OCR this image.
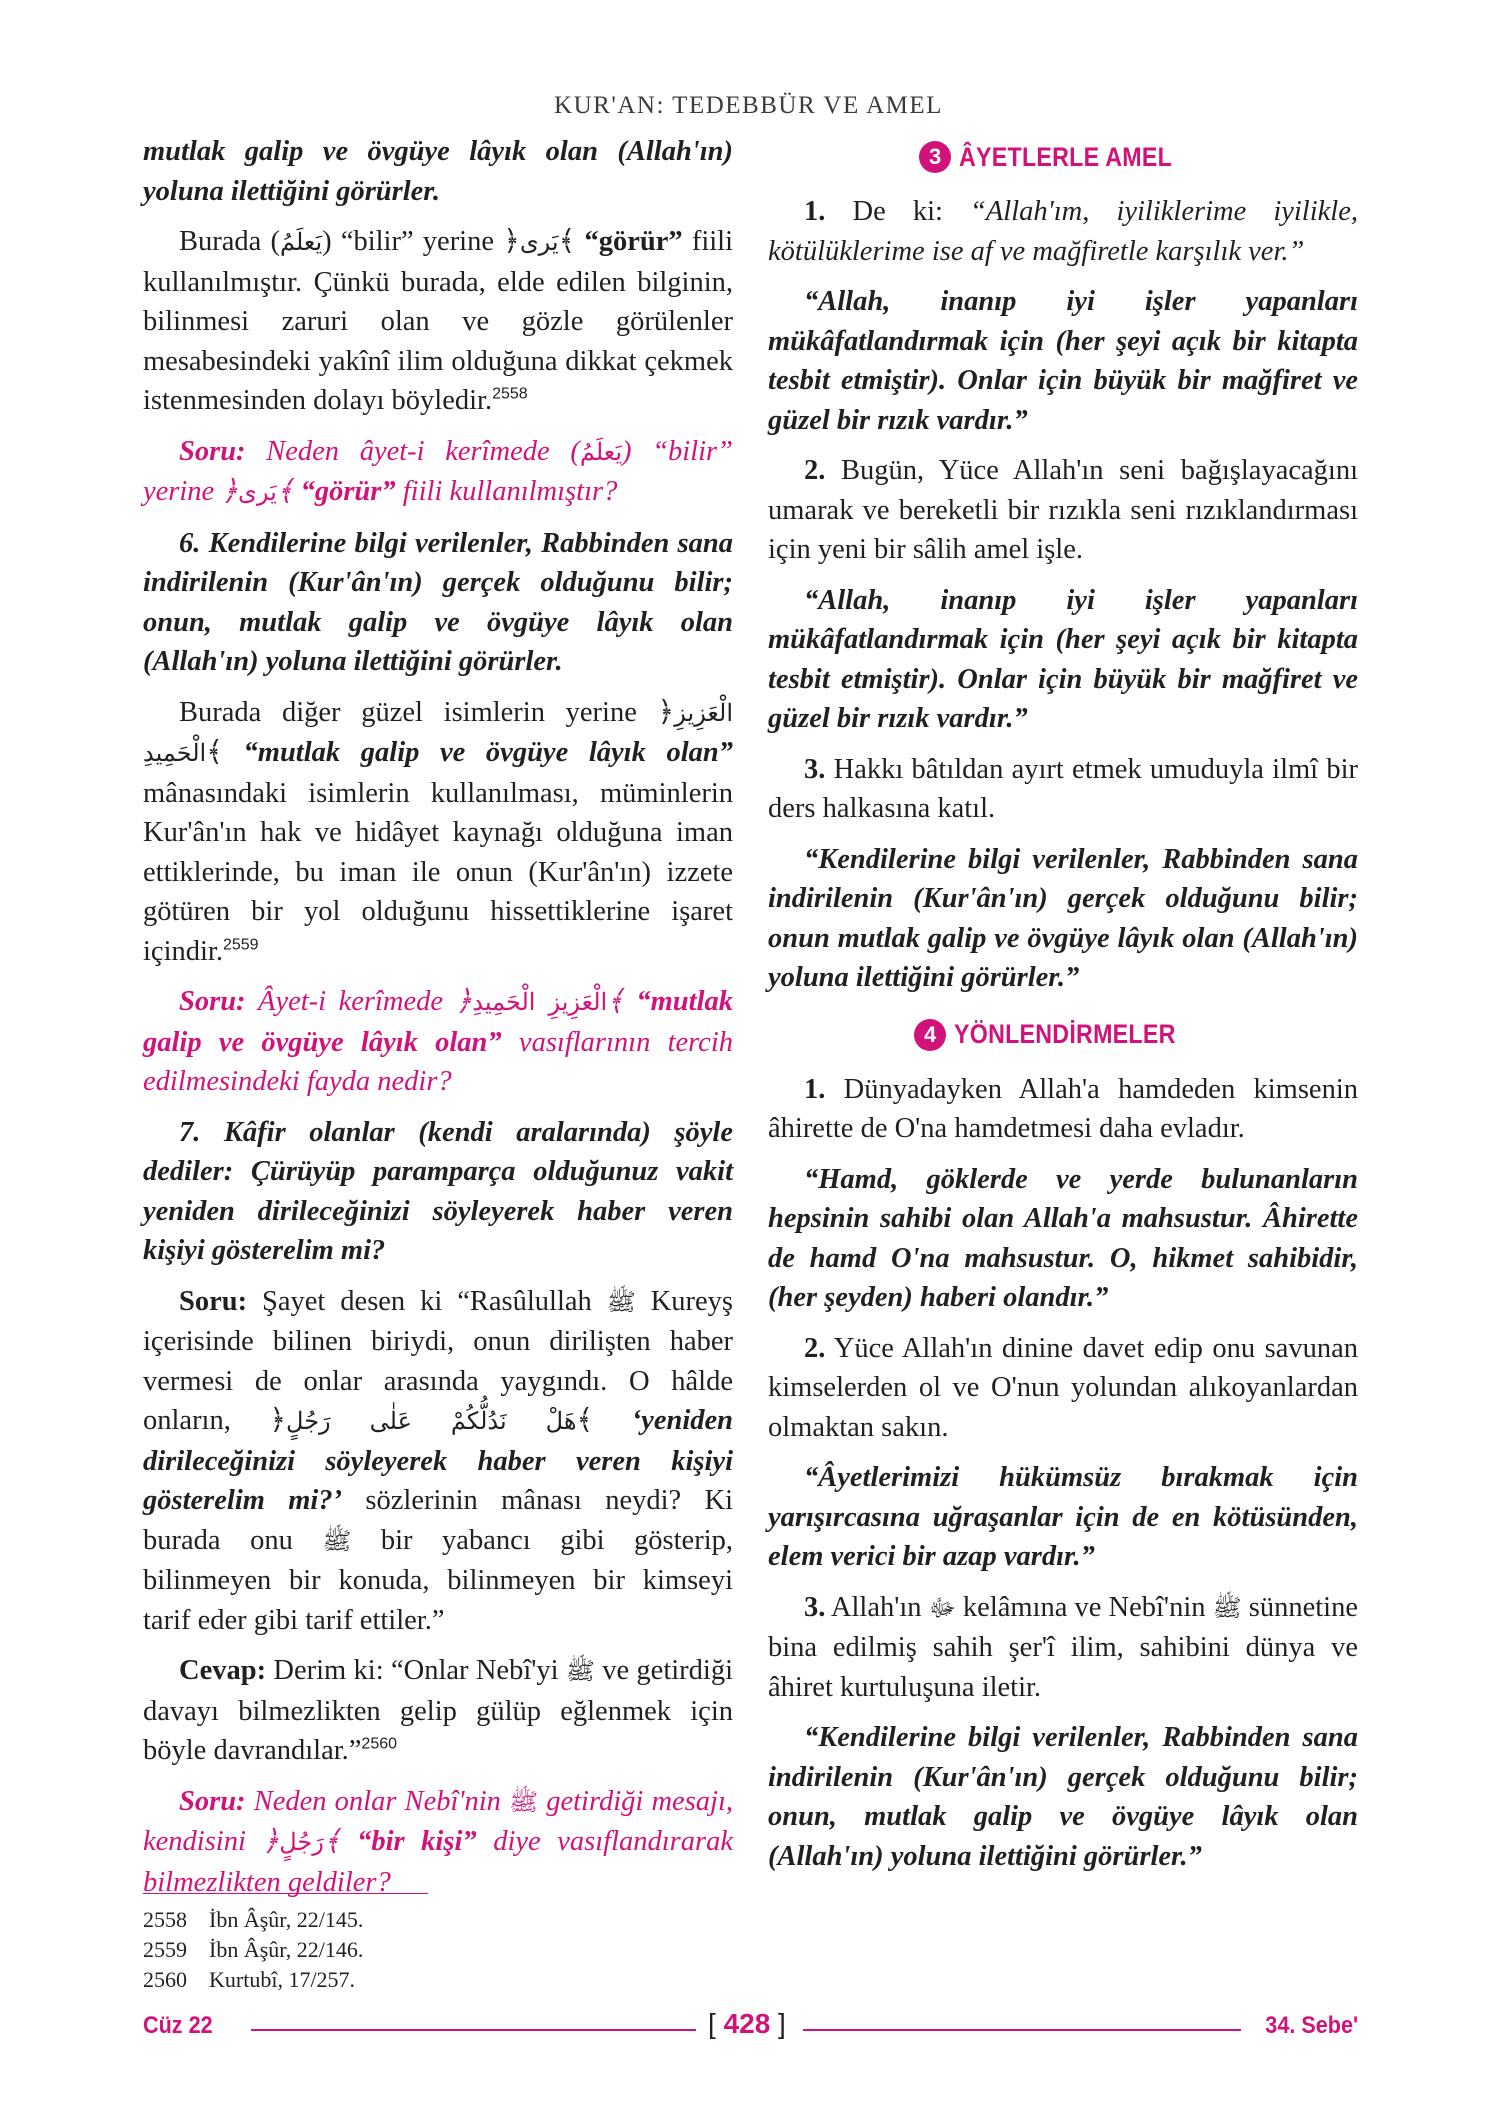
KUR'AN: TEDEBBÜR VE AMEL

mutlak galip ve övgüye lâyık olan (Allah'ın) yoluna ilettiğini görürler.

Burada (يَعلَمُ) “bilir” yerine ﴿يَرى﴾ “görür” fiili kullanılmıştır. Çünkü burada, elde edilen bilginin, bilinmesi zaruri olan ve gözle görülenler mesabesindeki yakînî ilim olduğuna dikkat çekmek istenmesinden dolayı böyledir.$^{2558}$

Soru: Neden âyet-i kerîmede (يَعلَمُ) “bilir” yerine ﴿يَرى﴾ “görür” fiili kullanılmıştır?

6. Kendilerine bilgi verilenler, Rabbinden sana indirilenin (Kur'ân'ın) gerçek olduğunu bilir; onun, mutlak galip ve övgüye lâyık olan (Allah'ın) yoluna ilettiğini görürler.

Burada diğer güzel isimlerin yerine ﴿الْعَزِيزِ الْحَمِيدِ﴾ “mutlak galip ve övgüye lâyık olan” mânasındaki isimlerin kullanılması, müminlerin Kur'ân'ın hak ve hidâyet kaynağı olduğuna iman ettiklerinde, bu iman ile onun (Kur'ân'ın) izzete götüren bir yol olduğunu hissettiklerine işaret içindir.$^{2559}$

Soru: Âyet-i kerîmede ﴿الْعَزِيزِ الْحَمِيدِ﴾ “mutlak galip ve övgüye lâyık olan” vasıflarının tercih edilmesindeki fayda nedir?

7. Kâfir olanlar (kendi aralarında) şöyle dediler: Çürüyüp paramparça olduğunuz vakit yeniden dirileceğinizi söyleyerek haber veren kişiyi gösterelim mi?

Soru: Şayet desen ki “Rasûlullah ﷺ Kureyş içerisinde bilinen biriydi, onun dirilişten haber vermesi de onlar arasında yaygındı. O hâlde onların, ﴿هَلْ نَدُلُّكُمْ عَلٰى رَجُلٍ﴾ ‘yeniden dirileceğinizi söyleyerek haber veren kişiyi gösterelim mi?’ sözlerinin mânası neydi? Ki burada onu ﷺ bir yabancı gibi gösterip, bilinmeyen bir konuda, bilinmeyen bir kimseyi tarif eder gibi tarif ettiler.”

Cevap: Derim ki: “Onlar Nebî'yi ﷺ ve getirdiği davayı bilmezlikten gelip gülüp eğlenmek için böyle davrandılar.”$^{2560}$

Soru: Neden onlar Nebî'nin ﷺ getirdiği mesajı, kendisini ﴿رَجُلٍ﴾ “bir kişi” diye vasıflandırarak bilmezlikten geldiler?

3 ÂYETLERLE AMEL

1. De ki: “Allah'ım, iyiliklerime iyilikle, kötülüklerime ise af ve mağfiretle karşılık ver.”

“Allah, inanıp iyi işler yapanları mükâfatlandırmak için (her şeyi açık bir kitapta tesbit etmiştir). Onlar için büyük bir mağfiret ve güzel bir rızık vardır.”

2. Bugün, Yüce Allah'ın seni bağışlayacağını umarak ve bereketli bir rızıkla seni rızıklandırması için yeni bir sâlih amel işle.

“Allah, inanıp iyi işler yapanları mükâfatlandırmak için (her şeyi açık bir kitapta tesbit etmiştir). Onlar için büyük bir mağfiret ve güzel bir rızık vardır.”

3. Hakkı bâtıldan ayırt etmek umuduyla ilmî bir ders halkasına katıl.

“Kendilerine bilgi verilenler, Rabbinden sana indirilenin (Kur'ân'ın) gerçek olduğunu bilir; onun mutlak galip ve övgüye lâyık olan (Allah'ın) yoluna ilettiğini görürler.”

4 YÖNLENDİRMELER

1. Dünyadayken Allah'a hamdeden kimsenin âhirette de O'na hamdetmesi daha evladır.

“Hamd, göklerde ve yerde bulunanların hepsinin sahibi olan Allah'a mahsustur. Âhirette de hamd O'na mahsustur. O, hikmet sahibidir, (her şeyden) haberi olandır.”

2. Yüce Allah'ın dinine davet edip onu savunan kimselerden ol ve O'nun yolundan alıkoyanlardan olmaktan sakın.

“Âyetlerimizi hükümsüz bırakmak için yarışırcasına uğraşanlar için de en kötüsünden, elem verici bir azap vardır.”

3. Allah'ın ﷻ kelâmına ve Nebî'nin ﷺ sünnetine bina edilmiş sahih şer'î ilim, sahibini dünya ve âhiret kurtuluşuna iletir.

“Kendilerine bilgi verilenler, Rabbinden sana indirilenin (Kur'ân'ın) gerçek olduğunu bilir; onun, mutlak galip ve övgüye lâyık olan (Allah'ın) yoluna ilettiğini görürler.”

2558	İbn Âşûr, 22/145.
2559	İbn Âşûr, 22/146.
2560	Kurtubî, 17/257.
Cüz 22	[ 428 ]	34. Sebe'
